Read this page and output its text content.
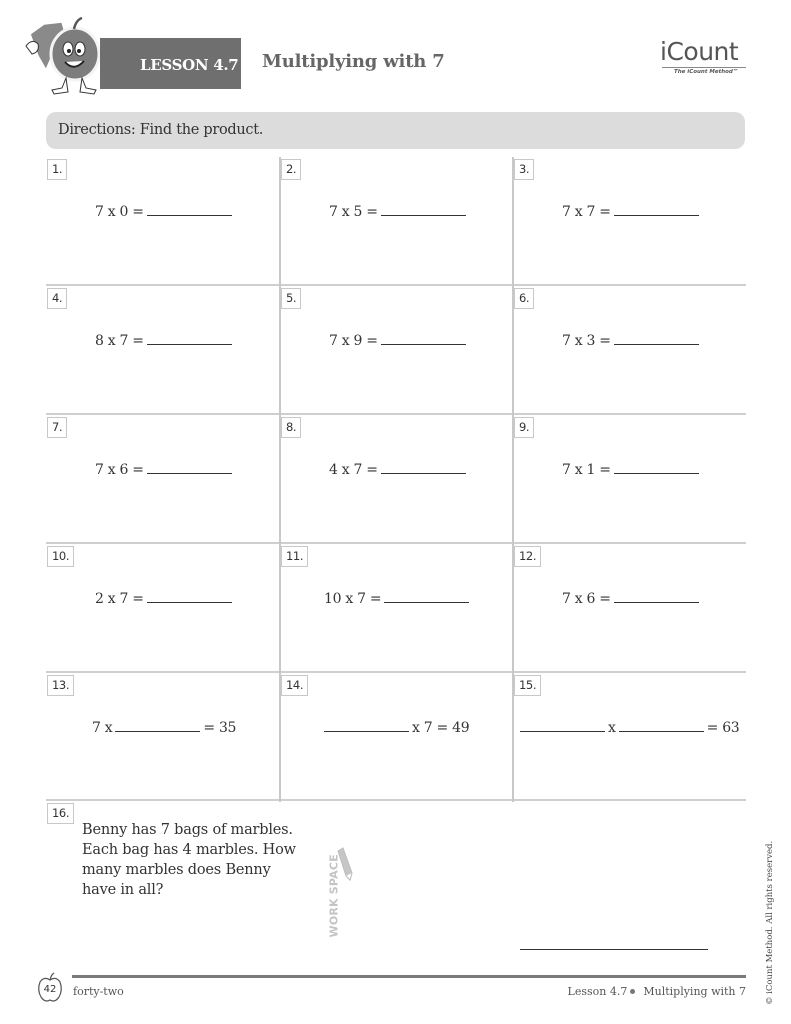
LESSON 4.7 Multiplying with 7	iCount
The iCount Method™
Directions: Find the product.
1.
7 x 0 =
2.
7 x 5 =
3.
7 x 7 =
4.
8 x 7 =
5.
7 x 9 =
6.
7 x 3 =
7.
7 x 6 =
8.
4 x 7 =
9.
7 x 1 =
10.
2 x 7 =
11.
10 x 7 =
12.
7 x 6 =
13.
7 x	= 35
14.
x 7 = 49
15.
x	= 63
16.
Benny has 7 bags of marbles. Each bag has 4 marbles. How many marbles does Benny have in all?	WORK SPACE
42	forty-two	Lesson 4.7 Multiplying with 7 © iCount Method. All rights reserved.
